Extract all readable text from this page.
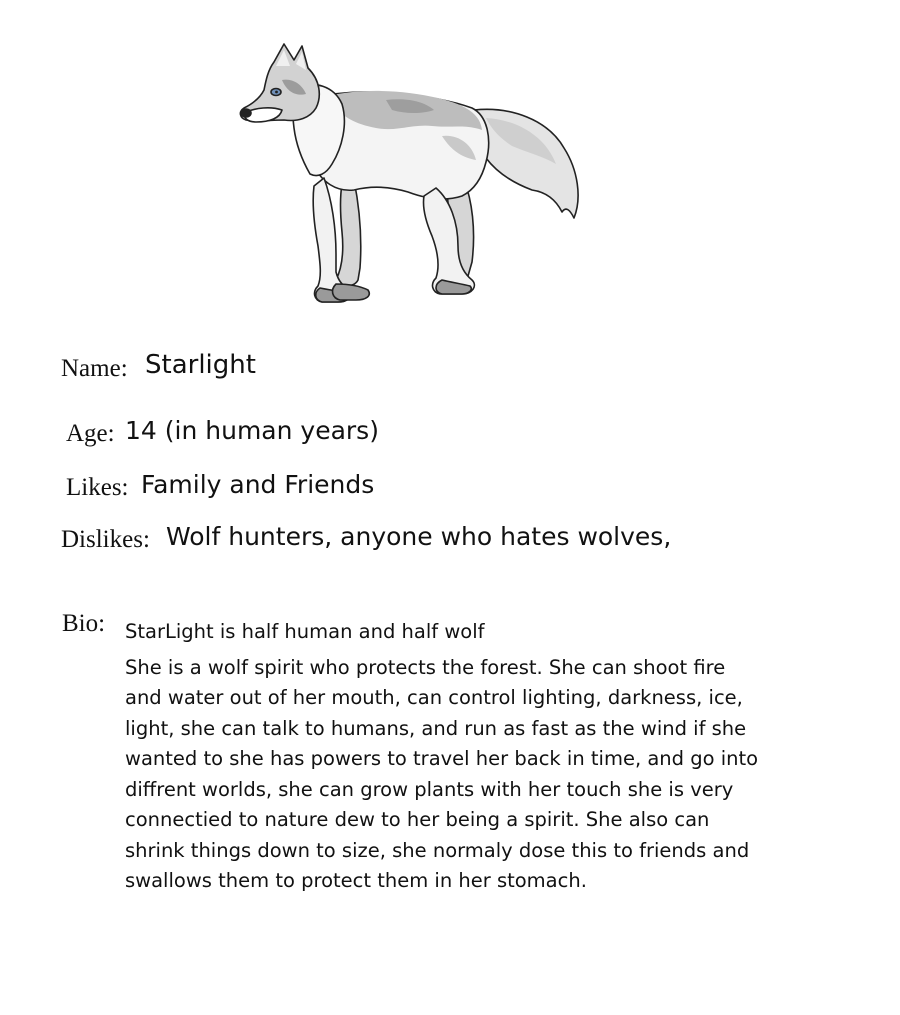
Name: Starlight
Age: 14 (in human years)
Likes: Family and Friends
Dislikes: Wolf hunters, anyone who hates wolves,
Bio: StarLight is half human and half wolf
She is a wolf spirit who protects the forest. She can shoot fire
and water out of her mouth, can control lighting, darkness, ice,
light, she can talk to humans, and run as fast as the wind if she
wanted to she has powers to travel her back in time, and go into
diffrent worlds, she can grow plants with her touch she is very
connectied to nature dew to her being a spirit. She also can
shrink things down to size, she normaly dose this to friends and
swallows them to protect them in her stomach.
